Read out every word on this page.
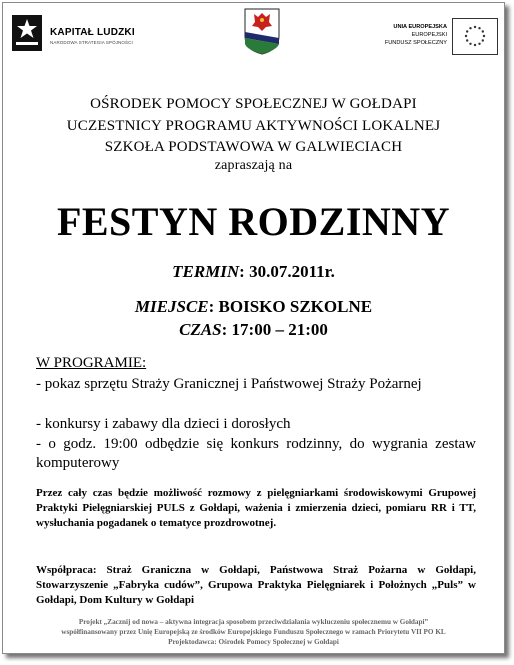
KAPITAŁ LUDZKI
NARODOWA STRATEGIA SPÓJNOŚCI
UNIA EUROPEJSKA
EUROPEJSKI
FUNDUSZ SPOŁECZNY
OŚRODEK POMOCY SPOŁECZNEJ W GOŁDAPI
UCZESTNICY PROGRAMU AKTYWNOŚCI LOKALNEJ
SZKOŁA PODSTAWOWA W GALWIECIACH
zapraszają na
FESTYN RODZINNY
TERMIN: 30.07.2011r.
MIEJSCE: BOISKO SZKOLNE
CZAS: 17:00 – 21:00
W PROGRAMIE:
- pokaz sprzętu Straży Granicznej i Państwowej Straży Pożarnej
- konkursy i zabawy dla dzieci i dorosłych
- o godz. 19:00 odbędzie się konkurs rodzinny, do wygrania zestaw komputerowy
Przez cały czas będzie możliwość rozmowy z pielęgniarkami środowiskowymi Grupowej Praktyki Pielęgniarskiej PULS z Gołdapi, ważenia i zmierzenia dzieci, pomiaru RR i TT, wysłuchania pogadanek o tematyce prozdrowotnej.
Współpraca: Straż Graniczna w Gołdapi, Państwowa Straż Pożarna w Gołdapi, Stowarzyszenie „Fabryka cudów”, Grupowa Praktyka Pielęgniarek i Położnych „Puls” w Gołdapi, Dom Kultury w Gołdapi
Projekt „Zacznij od nowa – aktywna integracja sposobem przeciwdziałania wykluczeniu społecznemu w Gołdapi”
współfinansowany przez Unię Europejską ze środków Europejskiego Funduszu Społecznego w ramach Priorytetu VII PO KL
Projektodawca: Ośrodek Pomocy Społecznej w Gołdapi
